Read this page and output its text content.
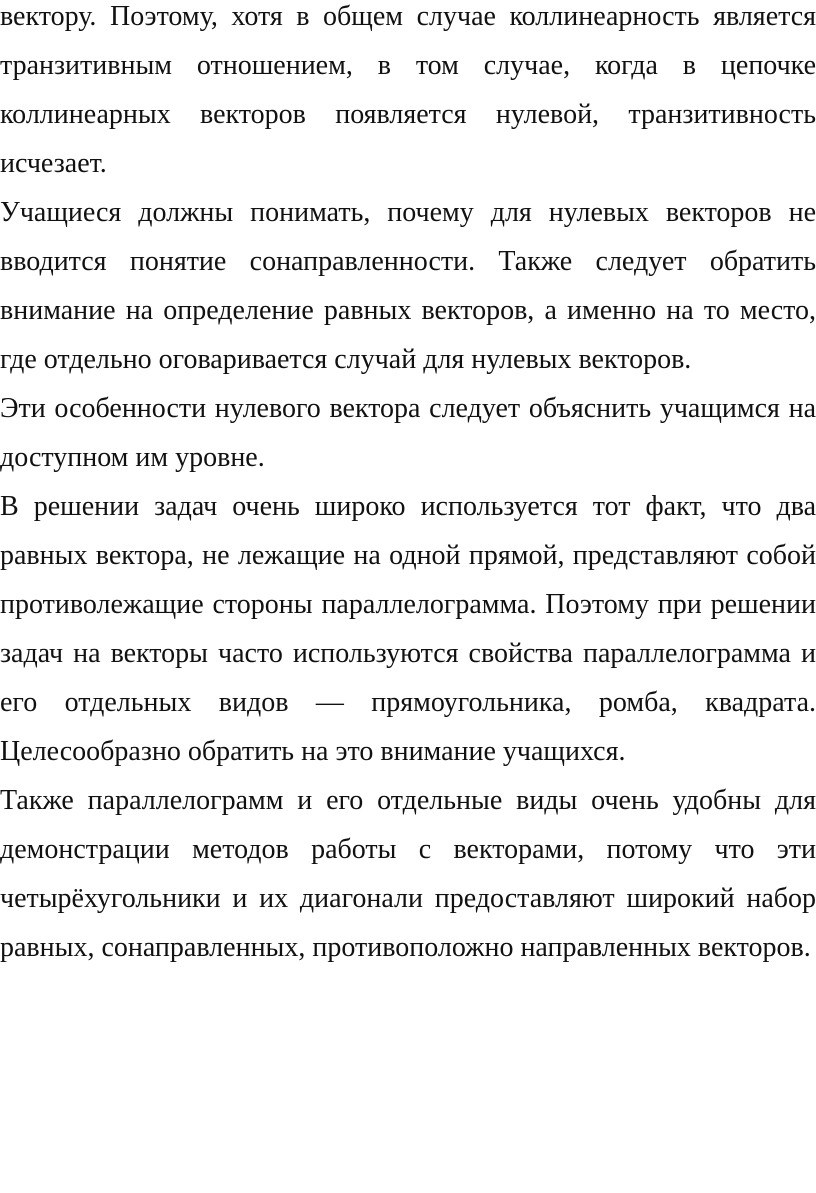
вектору. Поэтому, хотя в общем случае коллинеарность является транзитивным отношением, в том случае, когда в цепочке коллинеарных векторов появляется нулевой, транзитивность исчезает.

Учащиеся должны понимать, почему для нулевых векторов не вводится понятие сонаправленности. Также следует обратить внимание на определение равных векторов, а именно на то место, где отдельно оговаривается случай для нулевых векторов.

Эти особенности нулевого вектора следует объяснить учащимся на доступном им уровне.

В решении задач очень широко используется тот факт, что два равных вектора, не лежащие на одной прямой, представляют собой противолежащие стороны параллелограмма. Поэтому при решении задач на векторы часто используются свойства параллелограмма и его отдельных видов — прямоугольника, ромба, квадрата. Целесообразно обратить на это внимание учащихся.

Также параллелограмм и его отдельные виды очень удобны для демонстрации методов работы с векторами, потому что эти четырёхугольники и их диагонали предоставляют широкий набор равных, сонаправленных, противоположно направленных векторов.
